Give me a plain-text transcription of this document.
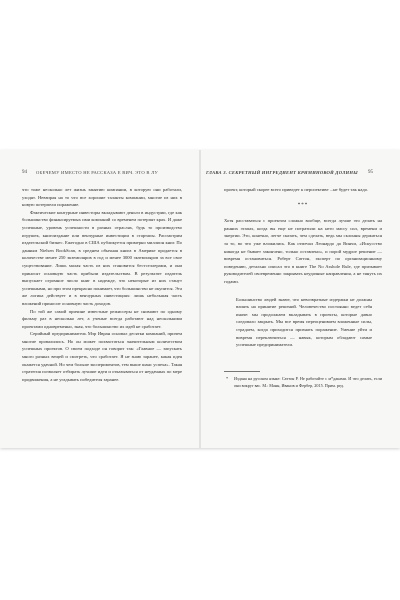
94 ОБЕЧЕМУ ИМЕСТО НЕ РАССКАЗА Е ВИЧ. ЭТО В ЛУ

что тоже несколько лет жизнь занятию компании, в которую они работали, уходят. Невзирая на то что все хорошие таланты компании, многие из них в новую потерпели поражение.

Фактические контурные инвесторы вкладывают деньги в индустрии, где как большинство финансируемых ими компаний со временем потерпят крах. И даже успешные, уровень успешности в разных отраслях, будь то производство игрушек, книгоиздание или венчурные инвестиции в стартапы. Рассмотрим издательский бизнес. Ежегодно в США публикуется примерно миллион книг. По данным Nielsen BookScan, в среднем обычная книга в Америке продается в количестве менее 250 экземпляров в год и менее 3000 экземпляров за все свое существование. Лишь малая часть из них становится бестселлерами, и они приносят основную часть прибыли издательствам. В результате издатель выпускает огромное число книг в надежде, что некоторые из них станут успешными, но при этом прекрасно понимает, что большинство не окупится. Эта же логика действует и в венчурных инвестициях: лишь небольшая часть вложений приносит основную часть доходов.

По той же самой причине известные режиссеры не снимают по одному фильму раз в несколько лет, а ученые всегда работают над несколькими проектами одновременно, зная, что большинство их идей не сработает.

Серийный предприниматель Мэр Ивран основал десятки компаний, причем многие провалились. Но он может похвастаться значительным количеством успешных проектов. О своем подходе он говорит так: «Главное — запускать много разных вещей и смотреть, что сработает. Я не знаю заранее, какая идея окажется удачной. Но чем больше экспериментов, тем выше шанс успеха». Такая стратегия позволяет отбирать лучшие идеи и отказываться от неудачных по мере продвижения, а не угадывать победителя заранее.

ГЛАВА 3. СЕКРЕТНЫЙ ИНГРЕДИЕНТ КРИМИНОВОЙ ДОЛИНЫ 95

проект, который скорее всего приведет к перспективе ...не будет так надо.

***

Хотя расставаться с проектом сложно вообще, всегда лучше это делать на ранних этапах, когда вы еще не потратили на него массу сил, времени и энергии. Это, конечно, легче сказать, чем сделать, ведь мы склонны держаться за то, во что уже вложились. Как отмечал Леонардо да Винчи, «Искусство никогда не бывает закончено, только оставлено», и порой мудрое решение — вовремя остановиться. Роберт Саттон, эксперт по организационному поведению, детально описал это в книге The No Asshole Rule, где призывает руководителей своевременно закрывать неудачные направления, а не тянуть их годами.

Большинство людей знают, что невозвратные издержки не должны влиять на принятие решений. Человечество постоянно ведет себя иначе: мы продолжаем вкладывать в проекты, которые давно следовало закрыть. Мы все время переоцениваем вложенные силы, страдаем, когда приходится признать поражение. Умение уйти и вовремя переключиться — навык, которым обладают самые успешные предприниматели.
* Издана на русском языке: Саттон Р. Не работайте с м*даками. И что делать, если они вокруг вас. М.: Манн, Иванов и Фербер, 2015. Прим. ред.
